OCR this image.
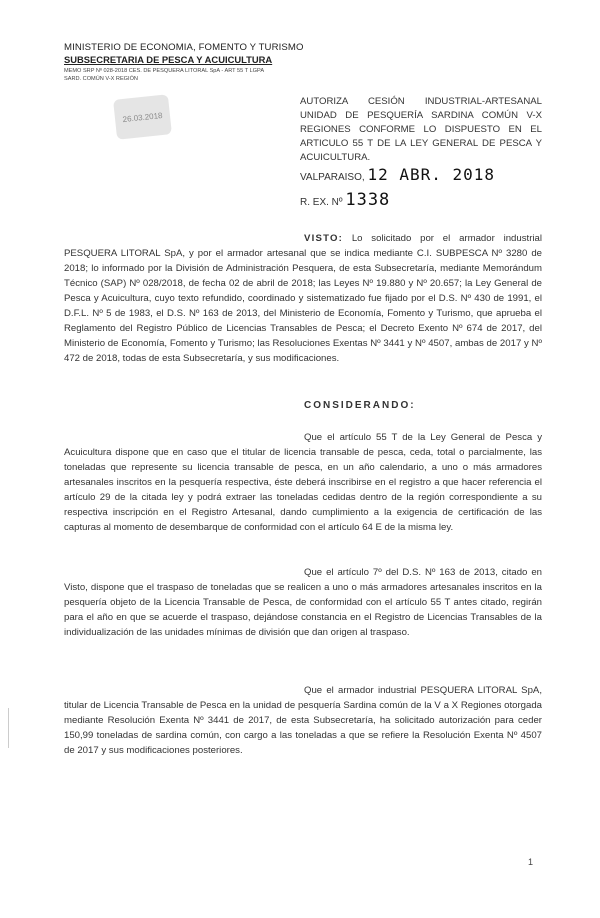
MINISTERIO DE ECONOMIA, FOMENTO Y TURISMO
SUBSECRETARIA DE PESCA Y ACUICULTURA
MEMO SRP Nº 028-2018 CES. DE PESQUERA LITORAL SpA - ART 55 T LGPA
SARD. COMÚN V-X REGIÓN
26.03.2018
AUTORIZA CESIÓN INDUSTRIAL-ARTESANAL UNIDAD DE PESQUERÍA SARDINA COMÚN V-X REGIONES CONFORME LO DISPUESTO EN EL ARTICULO 55 T DE LA LEY GENERAL DE PESCA Y ACUICULTURA.
VALPARAISO, 12 ABR. 2018
R. EX. Nº 1338
VISTO: Lo solicitado por el armador industrial PESQUERA LITORAL SpA, y por el armador artesanal que se indica mediante C.I. SUBPESCA Nº 3280 de 2018; lo informado por la División de Administración Pesquera, de esta Subsecretaría, mediante Memorándum Técnico (SAP) Nº 028/2018, de fecha 02 de abril de 2018; las Leyes Nº 19.880 y Nº 20.657; la Ley General de Pesca y Acuicultura, cuyo texto refundido, coordinado y sistematizado fue fijado por el D.S. Nº 430 de 1991, el D.F.L. Nº 5 de 1983, el D.S. Nº 163 de 2013, del Ministerio de Economía, Fomento y Turismo, que aprueba el Reglamento del Registro Público de Licencias Transables de Pesca; el Decreto Exento Nº 674 de 2017, del Ministerio de Economía, Fomento y Turismo; las Resoluciones Exentas Nº 3441 y Nº 4507, ambas de 2017 y Nº 472 de 2018, todas de esta Subsecretaría, y sus modificaciones.
CONSIDERANDO:
Que el artículo 55 T de la Ley General de Pesca y Acuicultura dispone que en caso que el titular de licencia transable de pesca, ceda, total o parcialmente, las toneladas que represente su licencia transable de pesca, en un año calendario, a uno o más armadores artesanales inscritos en la pesquería respectiva, éste deberá inscribirse en el registro a que hacer referencia el artículo 29 de la citada ley y podrá extraer las toneladas cedidas dentro de la región correspondiente a su respectiva inscripción en el Registro Artesanal, dando cumplimiento a la exigencia de certificación de las capturas al momento de desembarque de conformidad con el artículo 64 E de la misma ley.
Que el artículo 7º del D.S. Nº 163 de 2013, citado en Visto, dispone que el traspaso de toneladas que se realicen a uno o más armadores artesanales inscritos en la pesquería objeto de la Licencia Transable de Pesca, de conformidad con el artículo 55 T antes citado, regirán para el año en que se acuerde el traspaso, dejándose constancia en el Registro de Licencias Transables de la individualización de las unidades mínimas de división que dan origen al traspaso.
Que el armador industrial PESQUERA LITORAL SpA, titular de Licencia Transable de Pesca en la unidad de pesquería Sardina común de la V a X Regiones otorgada mediante Resolución Exenta Nº 3441 de 2017, de esta Subsecretaría, ha solicitado autorización para ceder 150,99 toneladas de sardina común, con cargo a las toneladas a que se refiere la Resolución Exenta Nº 4507 de 2017 y sus modificaciones posteriores.
1
